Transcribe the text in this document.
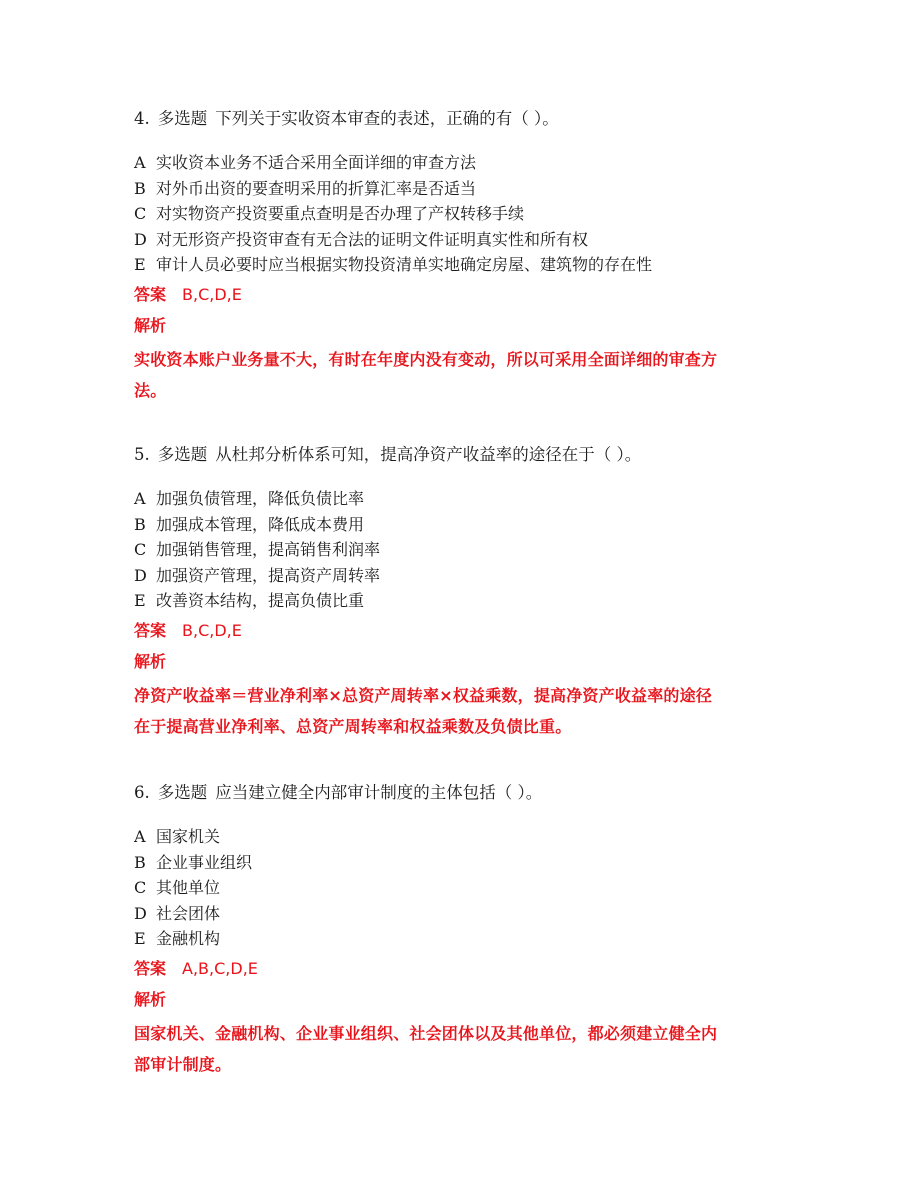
4. 多选题 下列关于实收资本审查的表述，正确的有（ ）。

A 实收资本业务不适合采用全面详细的审查方法
B 对外币出资的要查明采用的折算汇率是否适当
C 对实物资产投资要重点查明是否办理了产权转移手续
D 对无形资产投资审查有无合法的证明文件证明真实性和所有权
E 审计人员必要时应当根据实物投资清单实地确定房屋、建筑物的存在性
答案 B,C,D,E
解析
实收资本账户业务量不大，有时在年度内没有变动，所以可采用全面详细的审查方
法。

5. 多选题 从杜邦分析体系可知，提高净资产收益率的途径在于（ ）。

A 加强负债管理，降低负债比率
B 加强成本管理，降低成本费用
C 加强销售管理，提高销售利润率
D 加强资产管理，提高资产周转率
E 改善资本结构，提高负债比重
答案 B,C,D,E
解析
净资产收益率＝营业净利率×总资产周转率×权益乘数，提高净资产收益率的途径
在于提高营业净利率、总资产周转率和权益乘数及负债比重。

6. 多选题 应当建立健全内部审计制度的主体包括（ ）。

A 国家机关
B 企业事业组织
C 其他单位
D 社会团体
E 金融机构
答案 A,B,C,D,E
解析
国家机关、金融机构、企业事业组织、社会团体以及其他单位，都必须建立健全内
部审计制度。
